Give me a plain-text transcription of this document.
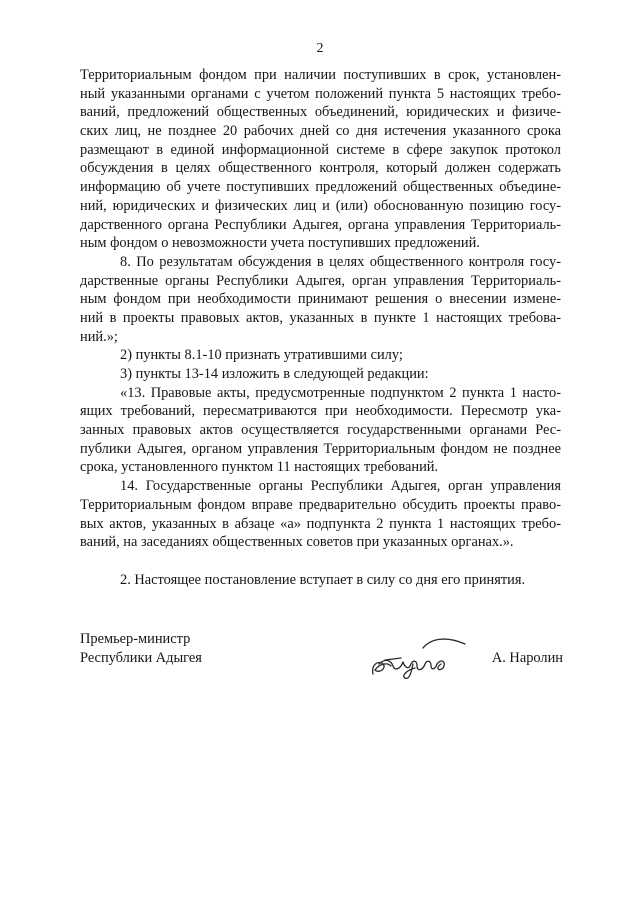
2
Территориальным фондом при наличии поступивших в срок, установлен-
ный указанными органами с учетом положений пункта 5 настоящих требо-
ваний, предложений общественных объединений, юридических и физиче-
ских лиц, не позднее 20 рабочих дней со дня истечения указанного срока
размещают в единой информационной системе в сфере закупок протокол
обсуждения в целях общественного контроля, который должен содержать
информацию об учете поступивших предложений общественных объедине-
ний, юридических и физических лиц и (или) обоснованную позицию госу-
дарственного органа Республики Адыгея, органа управления Территориаль-
ным фондом о невозможности учета поступивших предложений.
8. По результатам обсуждения в целях общественного контроля госу-
дарственные органы Республики Адыгея, орган управления Территориаль-
ным фондом при необходимости принимают решения о внесении измене-
ний в проекты правовых актов, указанных в пункте 1 настоящих требова-
ний.»;
2) пункты 8.1-10 признать утратившими силу;
3) пункты 13-14 изложить в следующей редакции:
«13. Правовые акты, предусмотренные подпунктом 2 пункта 1 насто-
ящих требований, пересматриваются при необходимости. Пересмотр ука-
занных правовых актов осуществляется государственными органами Рес-
публики Адыгея, органом управления Территориальным фондом не позднее
срока, установленного пунктом 11 настоящих требований.
14. Государственные органы Республики Адыгея, орган управления
Территориальным фондом вправе предварительно обсудить проекты право-
вых актов, указанных в абзаце «а» подпункта 2 пункта 1 настоящих требо-
ваний, на заседаниях общественных советов при указанных органах.».
2. Настоящее постановление вступает в силу со дня его принятия.
Премьер-министр
Республики Адыгея	А. Наролин
